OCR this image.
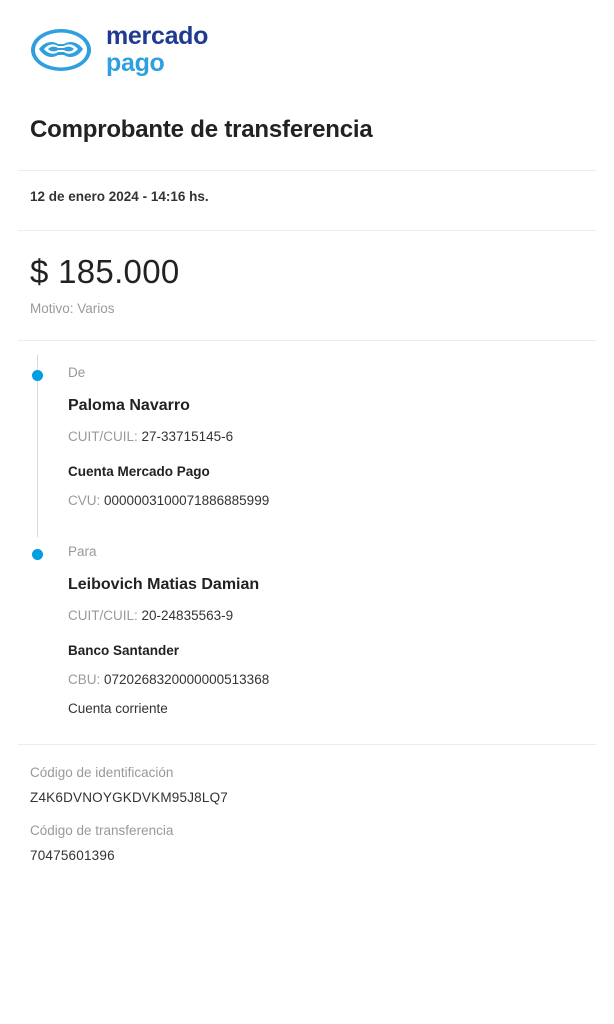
mercado
pago
Comprobante de transferencia
12 de enero 2024 - 14:16 hs.
$ 185.000
Motivo: Varios
De
Paloma Navarro
CUIT/CUIL: 27-33715145-6
Cuenta Mercado Pago
CVU: 0000003100071886885999
Para
Leibovich Matias Damian
CUIT/CUIL: 20-24835563-9
Banco Santander
CBU: 0720268320000000513368
Cuenta corriente
Código de identificación
Z4K6DVNOYGKDVKM95J8LQ7
Código de transferencia
70475601396
